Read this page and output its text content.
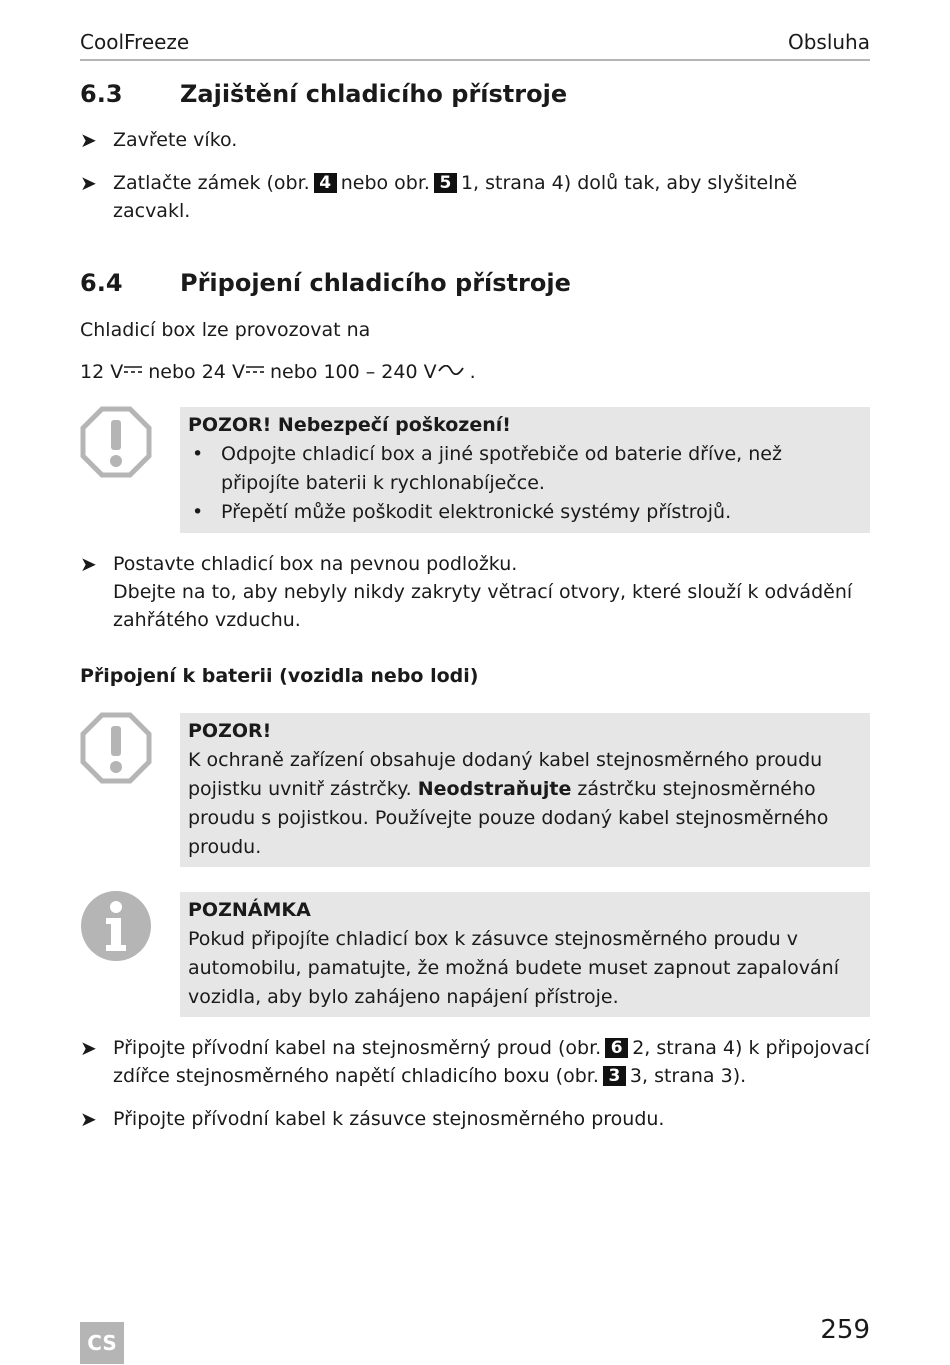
CoolFreeze	Obsluha
6.3	Zajištění chladicího přístroje
➤ Zavřete víko.
➤ Zatlačte zámek (obr. 4 nebo obr. 5 1, strana 4) dolů tak, aby slyšitelně zacvakl.
6.4	Připojení chladicího přístroje
Chladicí box lze provozovat na
12 V nebo 24 V nebo 100 – 240 V .
POZOR! Nebezpečí poškození!
• Odpojte chladicí box a jiné spotřebiče od baterie dříve, než připojíte baterii k rychlonabíječce.
• Přepětí může poškodit elektronické systémy přístrojů.
➤ Postavte chladicí box na pevnou podložku.
Dbejte na to, aby nebyly nikdy zakryty větrací otvory, které slouží k odvádění zahřátého vzduchu.
Připojení k baterii (vozidla nebo lodi)
POZOR!
K ochraně zařízení obsahuje dodaný kabel stejnosměrného proudu pojistku uvnitř zástrčky. Neodstraňujte zástrčku stejnosměrného proudu s pojistkou. Používejte pouze dodaný kabel stejnosměrného proudu.
POZNÁMKA
Pokud připojíte chladicí box k zásuvce stejnosměrného proudu v automobilu, pamatujte, že možná budete muset zapnout zapalování vozidla, aby bylo zahájeno napájení přístroje.
➤ Připojte přívodní kabel na stejnosměrný proud (obr. 6 2, strana 4) k připojovací zdířce stejnosměrného napětí chladicího boxu (obr. 3 3, strana 3).
➤ Připojte přívodní kabel k zásuvce stejnosměrného proudu.
CS	259
